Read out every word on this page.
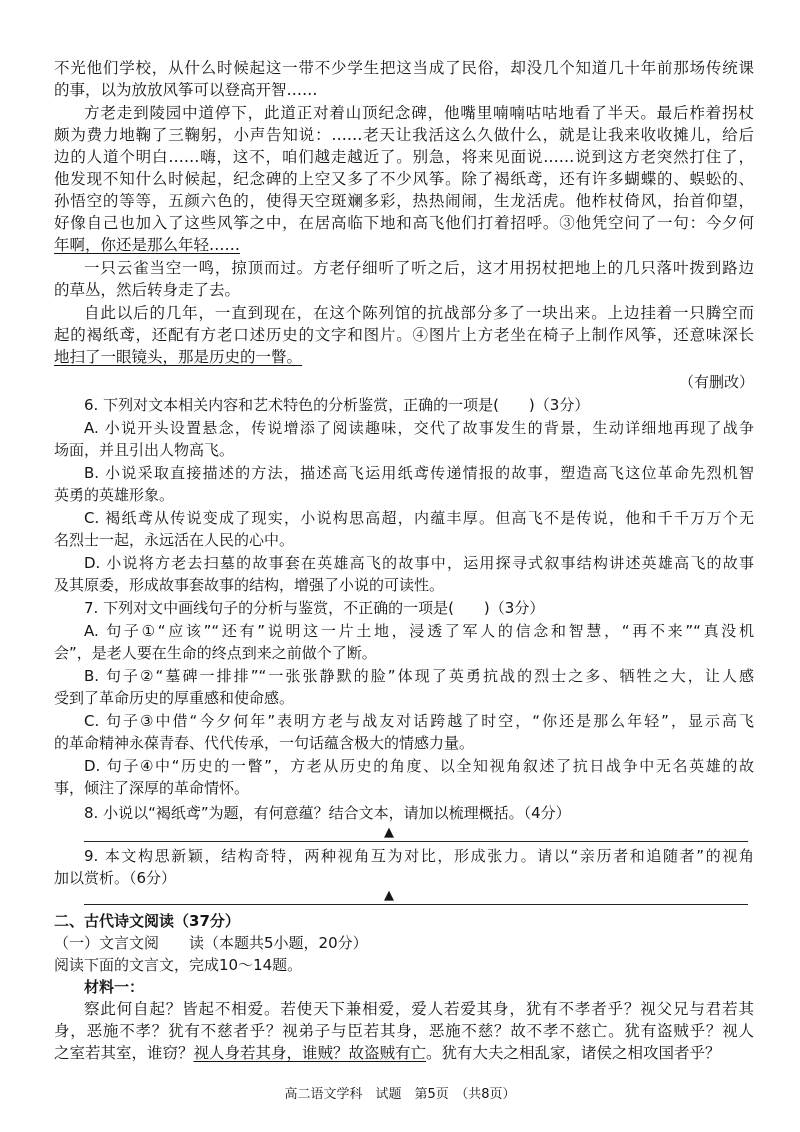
不光他们学校，从什么时候起这一带不少学生把这当成了民俗，却没几个知道几十年前那场传统课
的事，以为放放风筝可以登高开智……
方老走到陵园中道停下，此道正对着山顶纪念碑，他嘴里喃喃咕咕地看了半天。最后柞着拐杖
颇为费力地鞠了三鞠躬，小声告知说：……老天让我活这么久做什么，就是让我来收收摊儿，给后
边的人道个明白……嗨，这不，咱们越走越近了。别急，将来见面说……说到这方老突然打住了，
他发现不知什么时候起，纪念碑的上空又多了不少风筝。除了褐纸鸢，还有许多蝴蝶的、蜈蚣的、
孙悟空的等等，五颜六色的，使得天空斑斓多彩，热热闹闹，生龙活虎。他柞杖倚风，抬首仰望，
好像自己也加入了这些风筝之中，在居高临下地和高飞他们打着招呼。③他凭空问了一句：今夕何
年啊，你还是那么年轻……
一只云雀当空一鸣，掠顶而过。方老仔细听了听之后，这才用拐杖把地上的几只落叶拨到路边
的草丛，然后转身走了去。
自此以后的几年，一直到现在，在这个陈列馆的抗战部分多了一块出来。上边挂着一只腾空而
起的褐纸鸢，还配有方老口述历史的文字和图片。④图片上方老坐在椅子上制作风筝，还意味深长
地扫了一眼镜头，那是历史的一瞥。
（有删改）
6. 下列对文本相关内容和艺术特色的分析鉴赏，正确的一项是(　　)（3分）
A. 小说开头设置悬念，传说增添了阅读趣味，交代了故事发生的背景，生动详细地再现了战争
场面，并且引出人物高飞。
B. 小说采取直接描述的方法，描述高飞运用纸鸢传递情报的故事，塑造高飞这位革命先烈机智
英勇的英雄形象。
C. 褐纸鸢从传说变成了现实，小说构思高超，内蕴丰厚。但高飞不是传说，他和千千万万个无
名烈士一起，永远活在人民的心中。
D. 小说将方老去扫墓的故事套在英雄高飞的故事中，运用探寻式叙事结构讲述英雄高飞的故事
及其原委，形成故事套故事的结构，增强了小说的可读性。
7. 下列对文中画线句子的分析与鉴赏，不正确的一项是(　　)（3分）
A. 句子①“应该”“还有”说明这一片土地，浸透了军人的信念和智慧，“再不来”“真没机
会”，是老人要在生命的终点到来之前做个了断。
B. 句子②“墓碑一排排”“一张张静默的脸”体现了英勇抗战的烈士之多、牺牲之大，让人感
受到了革命历史的厚重感和使命感。
C. 句子③中借“今夕何年”表明方老与战友对话跨越了时空，“你还是那么年轻”，显示高飞
的革命精神永葆青春、代代传承，一句话蕴含极大的情感力量。
D. 句子④中“历史的一瞥”，方老从历史的角度、以全知视角叙述了抗日战争中无名英雄的故
事，倾注了深厚的革命情怀。
8. 小说以“褐纸鸢”为题，有何意蕴？结合文本，请加以梳理概括。（4分）
▲
9. 本文构思新颖，结构奇特，两种视角互为对比，形成张力。请以“亲历者和追随者”的视角
加以赏析。（6分）
▲
二、古代诗文阅读（37分）
（一）文言文阅　　读（本题共5小题，20分）
阅读下面的文言文，完成10～14题。
材料一：
察此何自起？皆起不相爱。若使天下兼相爱，爱人若爱其身，犹有不孝者乎？视父兄与君若其
身，恶施不孝？犹有不慈者乎？视弟子与臣若其身，恶施不慈？故不孝不慈亡。犹有盗贼乎？视人
之室若其室，谁窃？视人身若其身，谁贼？故盗贼有亡。犹有大夫之相乱家，诸侯之相攻国者乎？
高二语文学科　试题　第5页　（共8页）
